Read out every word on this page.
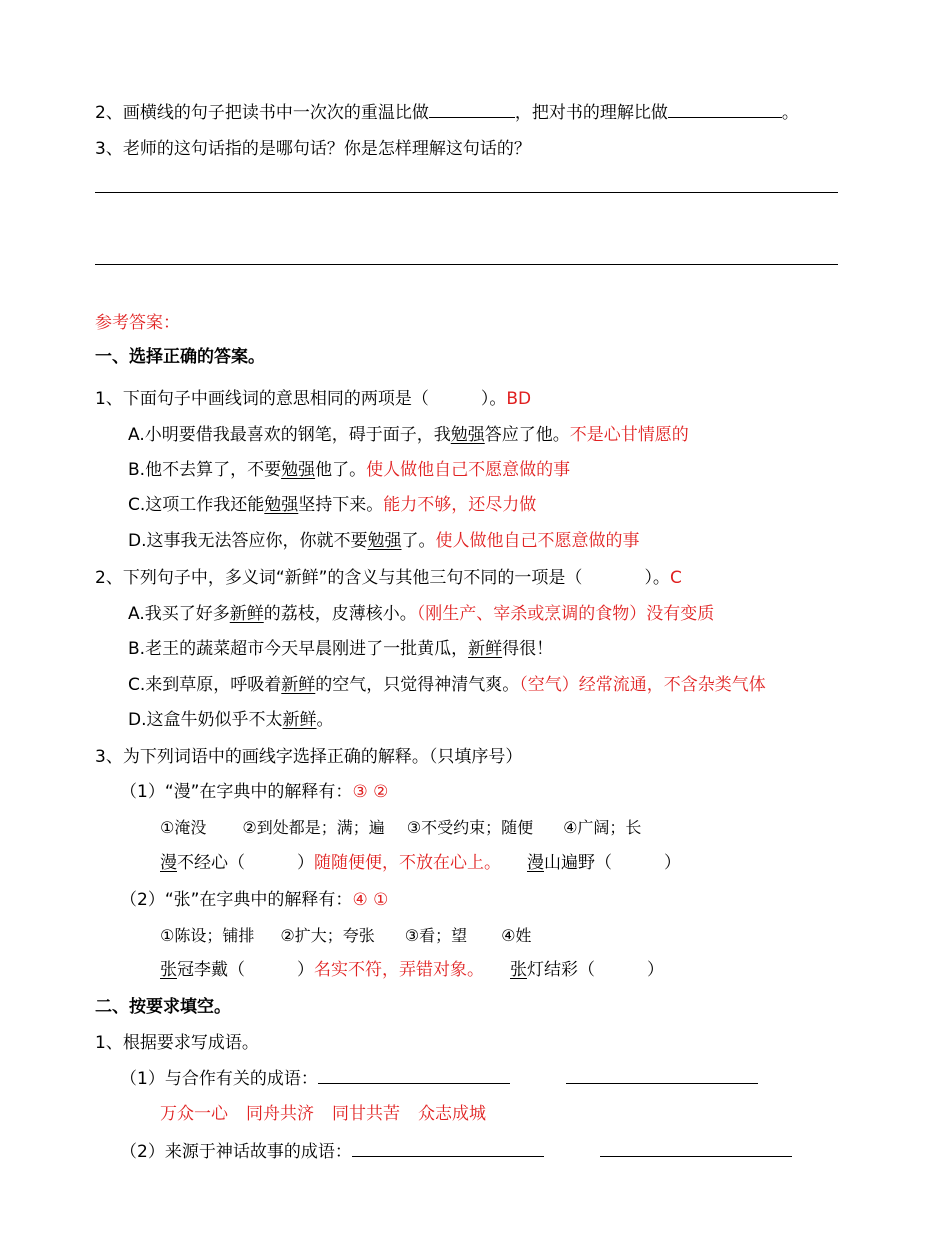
2、画横线的句子把读书中一次次的重温比做	，把对书的理解比做	。
3、老师的这句话指的是哪句话？你是怎样理解这句话的？
参考答案：
一、选择正确的答案。
1、下面句子中画线词的意思相同的两项是（	）。BD
A.小明要借我最喜欢的钢笔，碍于面子，我勉强答应了他。不是心甘情愿的
B.他不去算了，不要勉强他了。使人做他自己不愿意做的事
C.这项工作我还能勉强坚持下来。能力不够，还尽力做
D.这事我无法答应你，你就不要勉强了。使人做他自己不愿意做的事
2、下列句子中，多义词“新鲜”的含义与其他三句不同的一项是（	）。C
A.我买了好多新鲜的荔枝，皮薄核小。（刚生产、宰杀或烹调的食物）没有变质
B.老王的蔬菜超市今天早晨刚进了一批黄瓜，新鲜得很！
C.来到草原，呼吸着新鲜的空气，只觉得神清气爽。（空气）经常流通，不含杂类气体
D.这盒牛奶似乎不太新鲜。
3、为下列词语中的画线字选择正确的解释。（只填序号）
（1）“漫”在字典中的解释有：③ ②
①淹没 ②到处都是；满；遍 ③不受约束；随便 ④广阔；长
漫不经心（	）随随便便，不放在心上。 漫山遍野（	）
（2）“张”在字典中的解释有：④ ①
①陈设；铺排 ②扩大；夸张 ③看；望 ④姓
张冠李戴（	）名实不符，弄错对象。 张灯结彩（	）
二、按要求填空。
1、根据要求写成语。
（1）与合作有关的成语：
万众一心 同舟共济 同甘共苦 众志成城
（2）来源于神话故事的成语：
